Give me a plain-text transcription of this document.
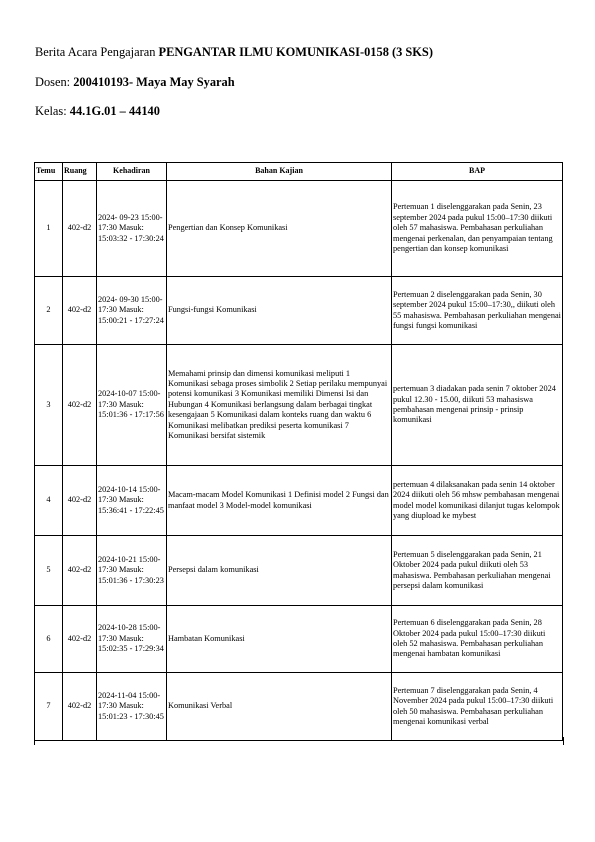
Berita Acara Pengajaran PENGANTAR ILMU KOMUNIKASI-0158 (3 SKS)
Dosen: 200410193- Maya May Syarah
Kelas: 44.1G.01 – 44140
Temu	Ruang	Kehadiran	Bahan Kajian	BAP
1	402-d2	2024- 09-23 15:00-17:30 Masuk: 15:03:32 - 17:30:24	Pengertian dan Konsep Komunikasi	Pertemuan 1 diselenggarakan pada Senin, 23 september 2024 pada pukul 15:00–17:30 diikuti oleh 57 mahasiswa. Pembahasan perkuliahan mengenai perkenalan, dan penyampaian tentang pengertian dan konsep komunikasi
2	402-d2	2024- 09-30 15:00-17:30 Masuk: 15:00:21 - 17:27:24	Fungsi-fungsi Komunikasi	Pertemuan 2 diselenggarakan pada Senin, 30 september 2024 pukul 15:00–17:30,, diikuti oleh 55 mahasiswa. Pembahasan perkuliahan mengenai fungsi fungsi komunikasi
3	402-d2	2024-10-07 15:00-17:30 Masuk: 15:01:36 - 17:17:56	Memahami prinsip dan dimensi komunikasi meliputi 1 Komunikasi sebaga proses simbolik 2 Setiap perilaku mempunyai potensi komunikasi 3 Komunikasi memiliki Dimensi Isi dan Hubungan 4 Komunikasi berlangsung dalam berbagai tingkat kesengajaan 5 Komunikasi dalam konteks ruang dan waktu 6 Komunikasi melibatkan prediksi peserta komunikasi 7 Komunikasi bersifat sistemik	pertemuan 3 diadakan pada senin 7 oktober 2024 pukul 12.30 - 15.00, diikuti 53 mahasiswa pembahasan mengenai prinsip - prinsip komunikasi
4	402-d2	2024-10-14 15:00-17:30 Masuk: 15:36:41 - 17:22:45	Macam-macam Model Komunikasi 1 Definisi model 2 Fungsi dan manfaat model 3 Model-model komunikasi	pertemuan 4 dilaksanakan pada senin 14 oktober 2024 diikuti oleh 56 mhsw pembahasan mengenai model model komunikasi dilanjut tugas kelompok yang diupload ke mybest
5	402-d2	2024-10-21 15:00-17:30 Masuk: 15:01:36 - 17:30:23	Persepsi dalam komunikasi	Pertemuan 5 diselenggarakan pada Senin, 21 Oktober 2024 pada pukul diikuti oleh 53 mahasiswa. Pembahasan perkuliahan mengenai persepsi dalam komunikasi
6	402-d2	2024-10-28 15:00-17:30 Masuk: 15:02:35 - 17:29:34	Hambatan Komunikasi	Pertemuan 6 diselenggarakan pada Senin, 28 Oktober 2024 pada pukul 15:00–17:30 diikuti oleh 52 mahasiswa. Pembahasan perkuliahan mengenai hambatan komunikasi
7	402-d2	2024-11-04 15:00-17:30 Masuk: 15:01:23 - 17:30:45	Komunikasi Verbal	Pertemuan 7 diselenggarakan pada Senin, 4 November 2024 pada pukul 15:00–17:30 diikuti oleh 50 mahasiswa. Pembahasan perkuliahan mengenai komunikasi verbal
